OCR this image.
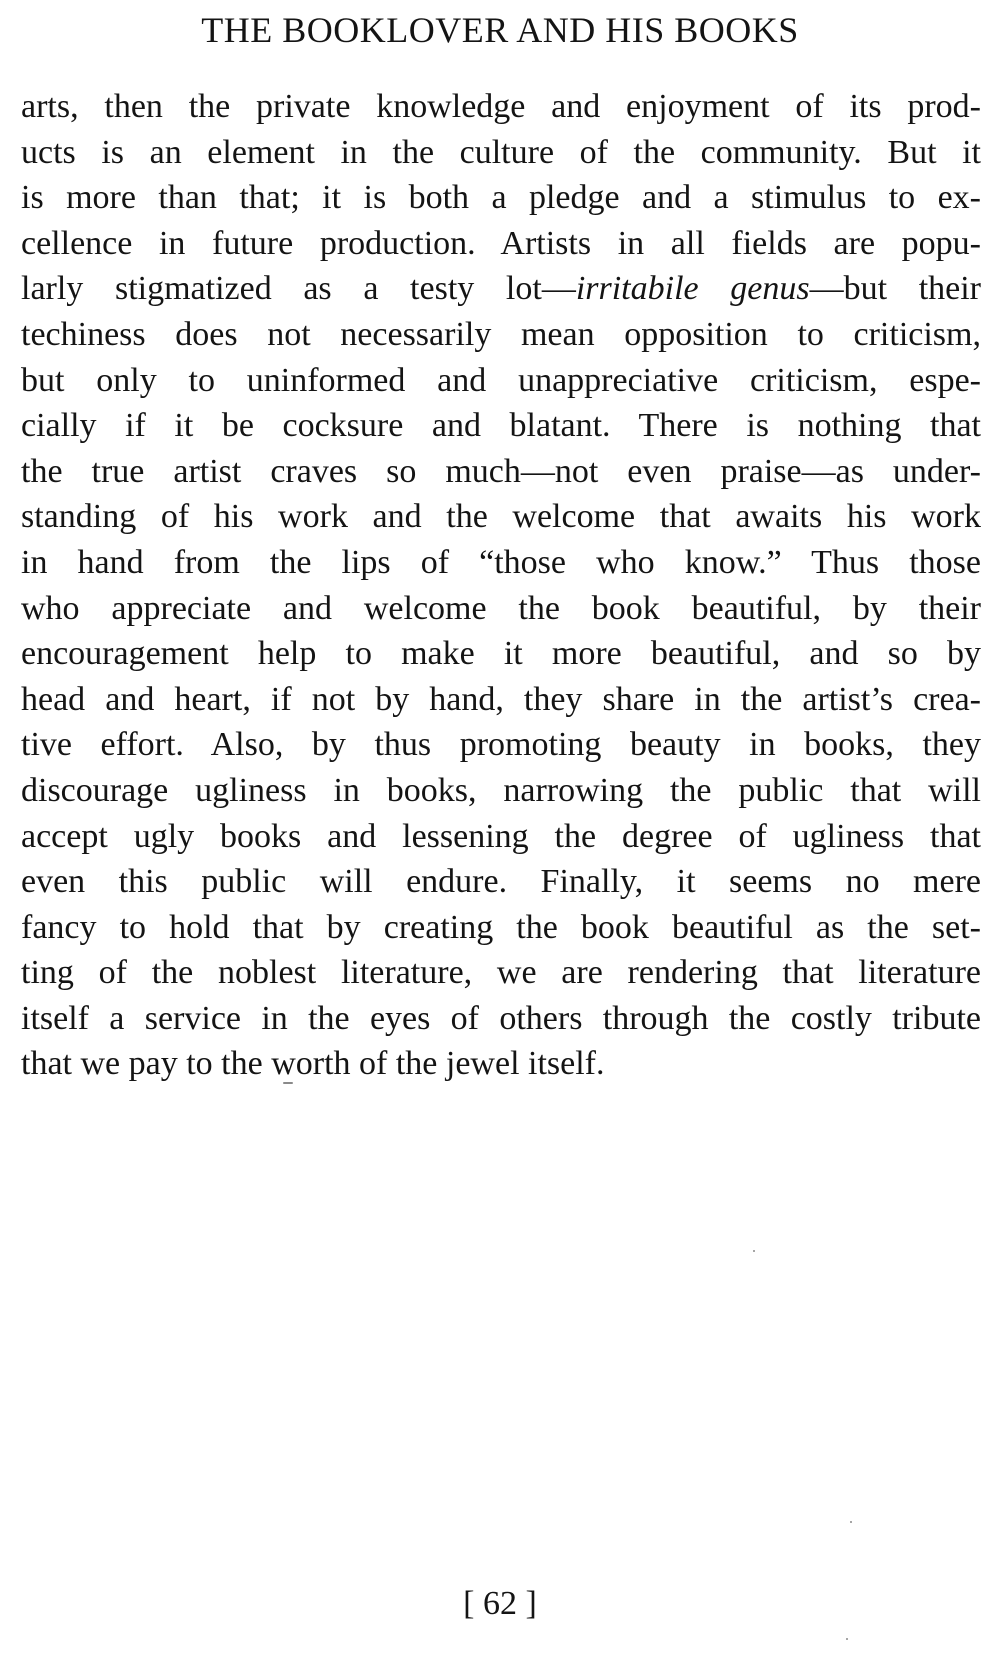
THE BOOKLOVER AND HIS BOOKS
arts, then the private knowledge and enjoyment of its prod-
ucts is an element in the culture of the community. But it
is more than that; it is both a pledge and a stimulus to ex-
cellence in future production. Artists in all fields are popu-
larly stigmatized as a testy lot—irritabile genus—but their
techiness does not necessarily mean opposition to criticism,
but only to uninformed and unappreciative criticism, espe-
cially if it be cocksure and blatant. There is nothing that
the true artist craves so much—not even praise—as under-
standing of his work and the welcome that awaits his work
in hand from the lips of “those who know.” Thus those
who appreciate and welcome the book beautiful, by their
encouragement help to make it more beautiful, and so by
head and heart, if not by hand, they share in the artist’s crea-
tive effort. Also, by thus promoting beauty in books, they
discourage ugliness in books, narrowing the public that will
accept ugly books and lessening the degree of ugliness that
even this public will endure. Finally, it seems no mere
fancy to hold that by creating the book beautiful as the set-
ting of the noblest literature, we are rendering that literature
itself a service in the eyes of others through the costly tribute
that we pay to the worth of the jewel itself.
[ 62 ]
